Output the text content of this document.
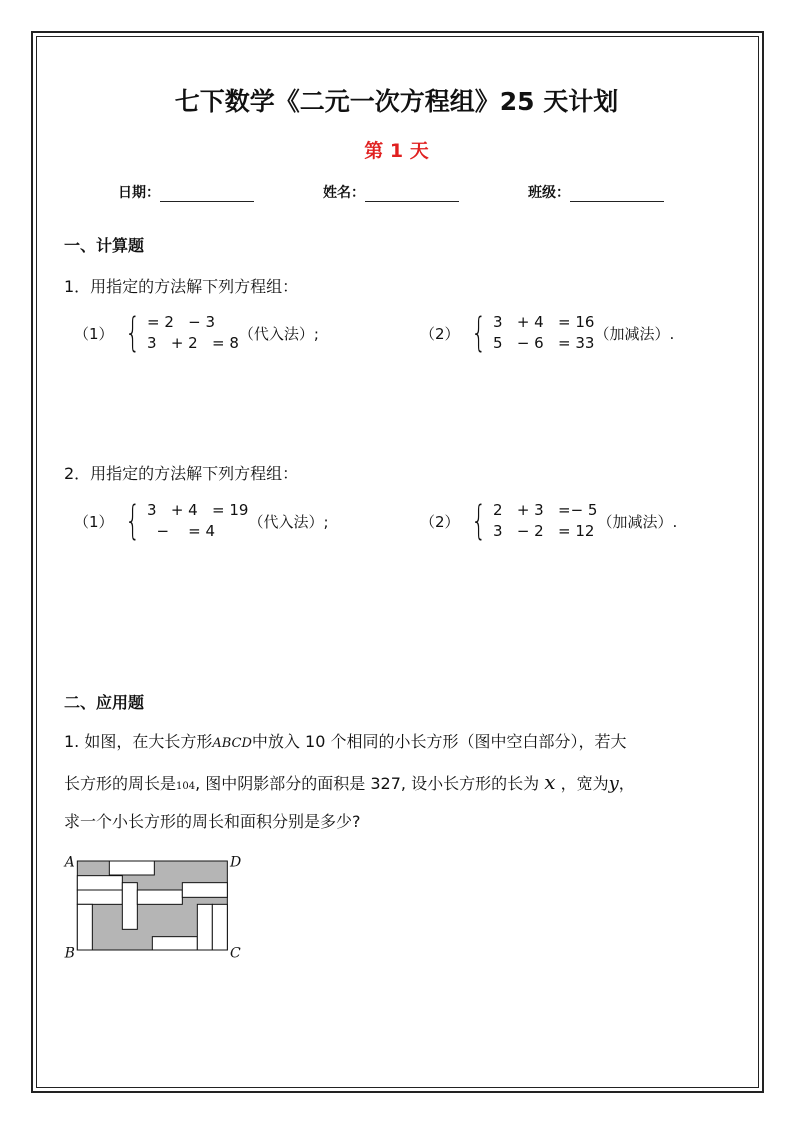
七下数学《二元一次方程组》25 天计划
第 1 天
日期：	姓名：	班级：
一、计算题
1．用指定的方法解下列方程组：
（1） { = 2   − 3
3   + 2   = 8
（代入法）;	（2） { 3   + 4   = 16
5   − 6   = 33
（加减法）.
2．用指定的方法解下列方程组：
（1） { 3   + 4   = 19
−    = 4
（代入法）;	（2） { 2   + 3   =− 5
3   − 2   = 12
（加减法）.
二、应用题
1. 如图，在大长方形ABCD中放入 10 个相同的小长方形（图中空白部分），若大
长方形的周长是104, 图中阴影部分的面积是 327, 设小长方形的长为 x ，宽为y，
求一个小长方形的周长和面积分别是多少?
A	D
B	C
